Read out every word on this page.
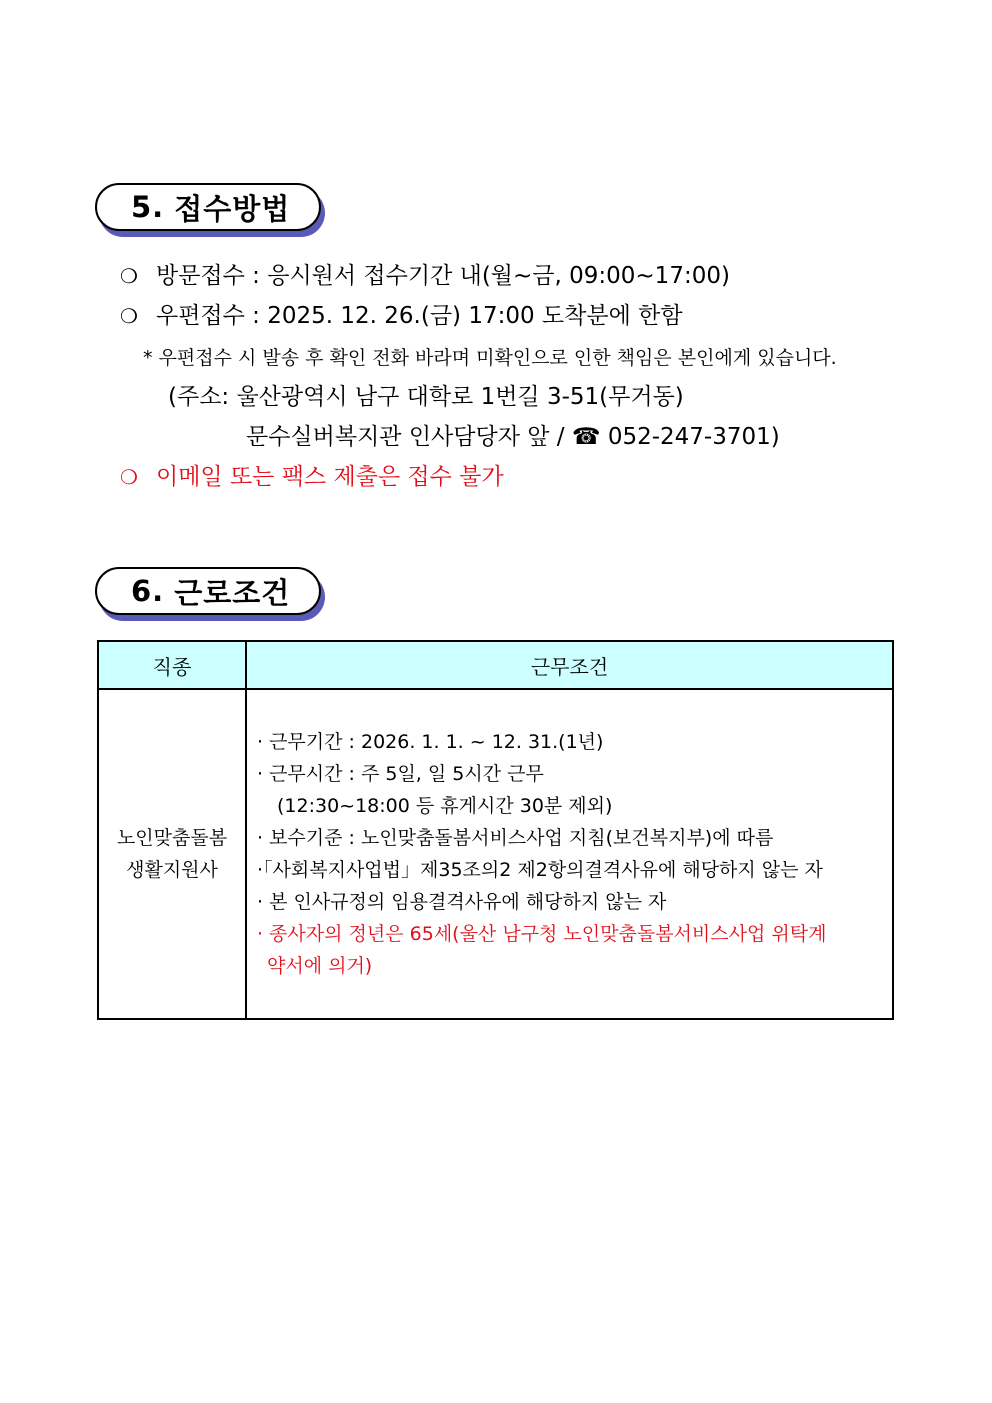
5. 접수방법
❍ 방문접수 : 응시원서 접수기간 내(월~금, 09:00~17:00)
❍ 우편접수 : 2025. 12. 26.(금) 17:00 도착분에 한함
* 우편접수 시 발송 후 확인 전화 바라며 미확인으로 인한 책임은 본인에게 있습니다.
(주소: 울산광역시 남구 대학로 1번길 3-51(무거동)
문수실버복지관 인사담당자 앞 / ☎ 052-247-3701)
❍ 이메일 또는 팩스 제출은 접수 불가
6. 근로조건
직종	근무조건

노인맞춤돌봄
생활지원사

· 근무기간 : 2026. 1. 1. ~ 12. 31.(1년)
· 근무시간 : 주 5일, 일 5시간 근무
(12:30~18:00 등 휴게시간 30분 제외)
· 보수기준 : 노인맞춤돌봄서비스사업 지침(보건복지부)에 따름
·「사회복지사업법」제35조의2 제2항의결격사유에 해당하지 않는 자
· 본 인사규정의 임용결격사유에 해당하지 않는 자
· 종사자의 정년은 65세(울산 남구청 노인맞춤돌봄서비스사업 위탁계
약서에 의거)
